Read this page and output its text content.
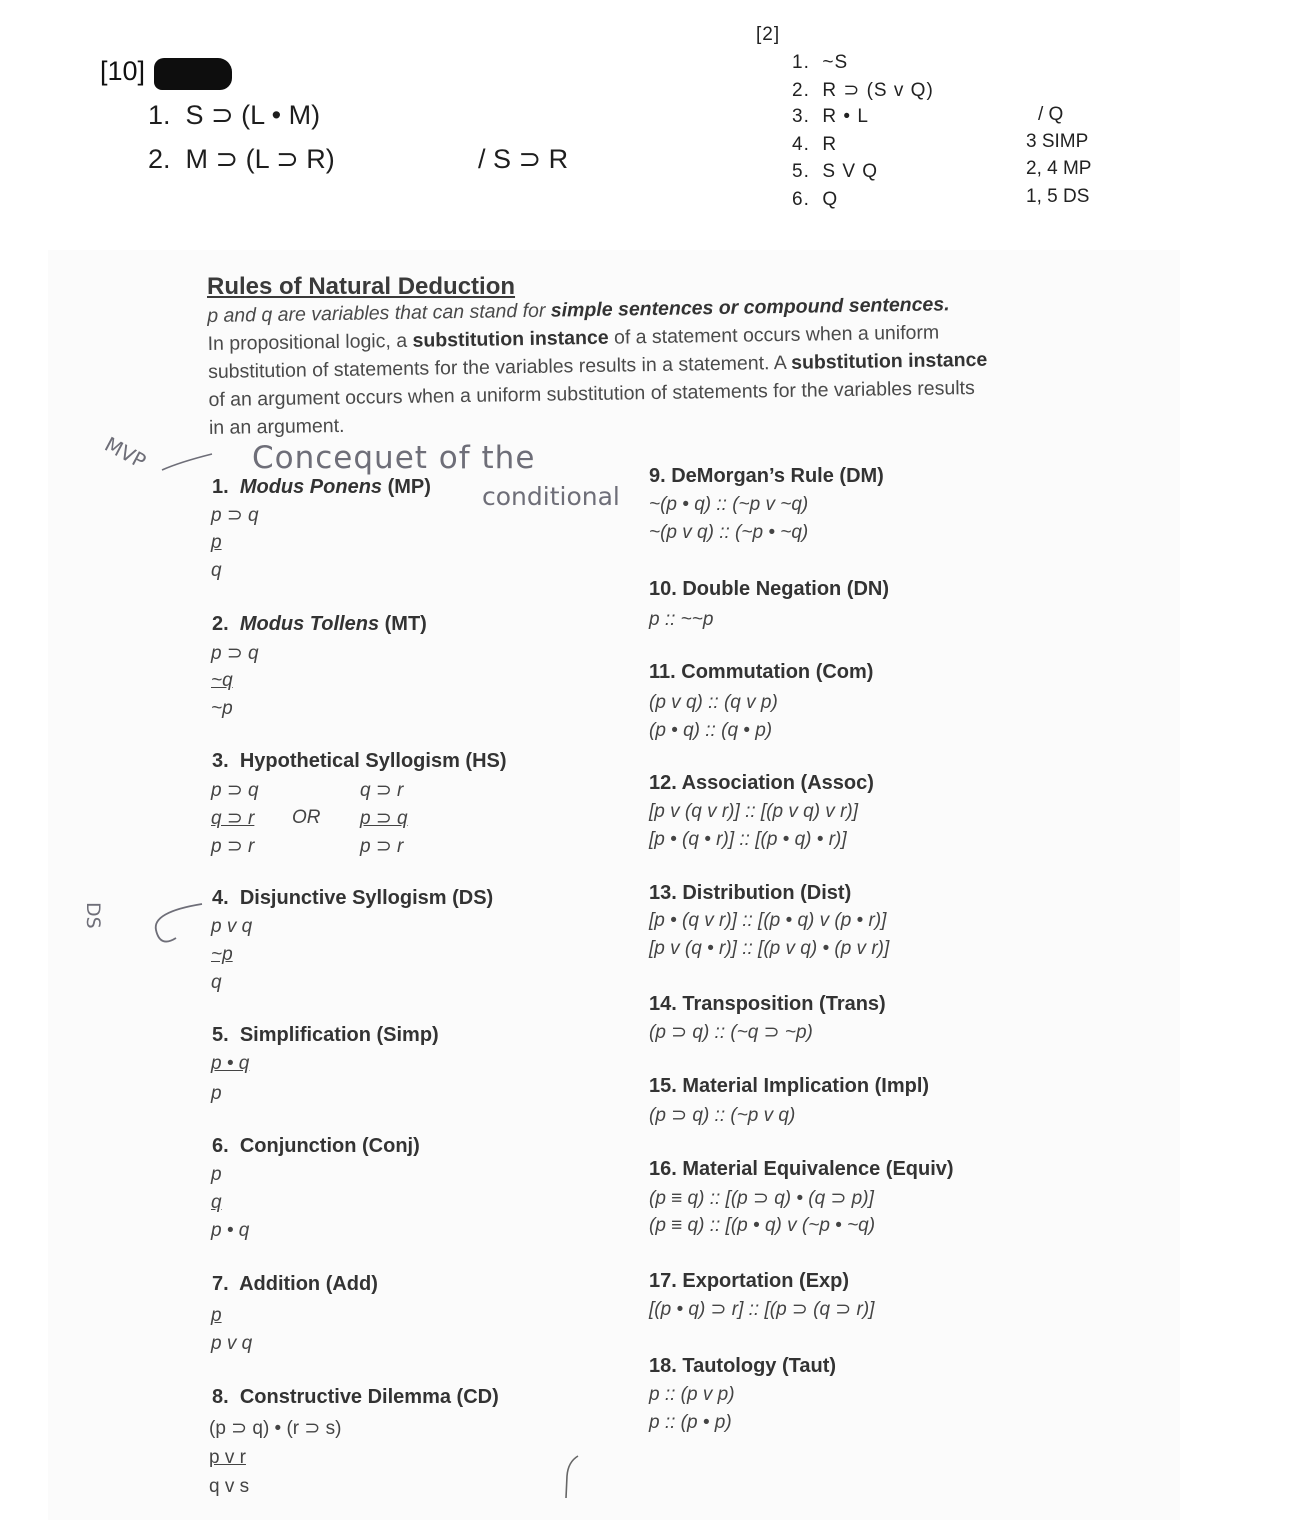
[10]
1.  S ⊃ (L • M)
2.  M ⊃ (L ⊃ R)	/ S ⊃ R
[2]
1.  ~S
2.  R ⊃ (S v Q)
3.  R • L
4.  R
5.  S V Q
6.  Q
/ Q
3 SIMP
2, 4 MP
1, 5 DS
Rules of Natural Deduction
p and q are variables that can stand for simple sentences or compound sentences.
In propositional logic, a substitution instance of a statement occurs when a uniform substitution of statements for the variables results in a statement. A substitution instance of an argument occurs when a uniform substitution of statements for the variables results in an argument.
MVP	Concequet of the
conditional
DS
1. Modus Ponens (MP)
p ⊃ q
p
q
2. Modus Tollens (MT)
p ⊃ q
~q
~p
3. Hypothetical Syllogism (HS)
p ⊃ q
q ⊃ r
p ⊃ r
OR
q ⊃ r
p ⊃ q
p ⊃ r
4. Disjunctive Syllogism (DS)
p v q
~p
q
5. Simplification (Simp)
p • q
p
6. Conjunction (Conj)
p
q
p • q
7. Addition (Add)
p
p v q
8. Constructive Dilemma (CD)
(p ⊃ q) • (r ⊃ s)
p v r
q v s
9. DeMorgan’s Rule (DM)
~(p • q) :: (~p v ~q)
~(p v q) :: (~p • ~q)
10. Double Negation (DN)
p :: ~~p
11. Commutation (Com)
(p v q) :: (q v p)
(p • q) :: (q • p)
12. Association (Assoc)
[p v (q v r)] :: [(p v q) v r)]
[p • (q • r)] :: [(p • q) • r)]
13. Distribution (Dist)
[p • (q v r)] :: [(p • q) v (p • r)]
[p v (q • r)] :: [(p v q) • (p v r)]
14. Transposition (Trans)
(p ⊃ q) :: (~q ⊃ ~p)
15. Material Implication (Impl)
(p ⊃ q) :: (~p v q)
16. Material Equivalence (Equiv)
(p ≡ q) :: [(p ⊃ q) • (q ⊃ p)]
(p ≡ q) :: [(p • q) v (~p • ~q)
17. Exportation (Exp)
[(p • q) ⊃ r] :: [(p ⊃ (q ⊃ r)]
18. Tautology (Taut)
p :: (p v p)
p :: (p • p)
